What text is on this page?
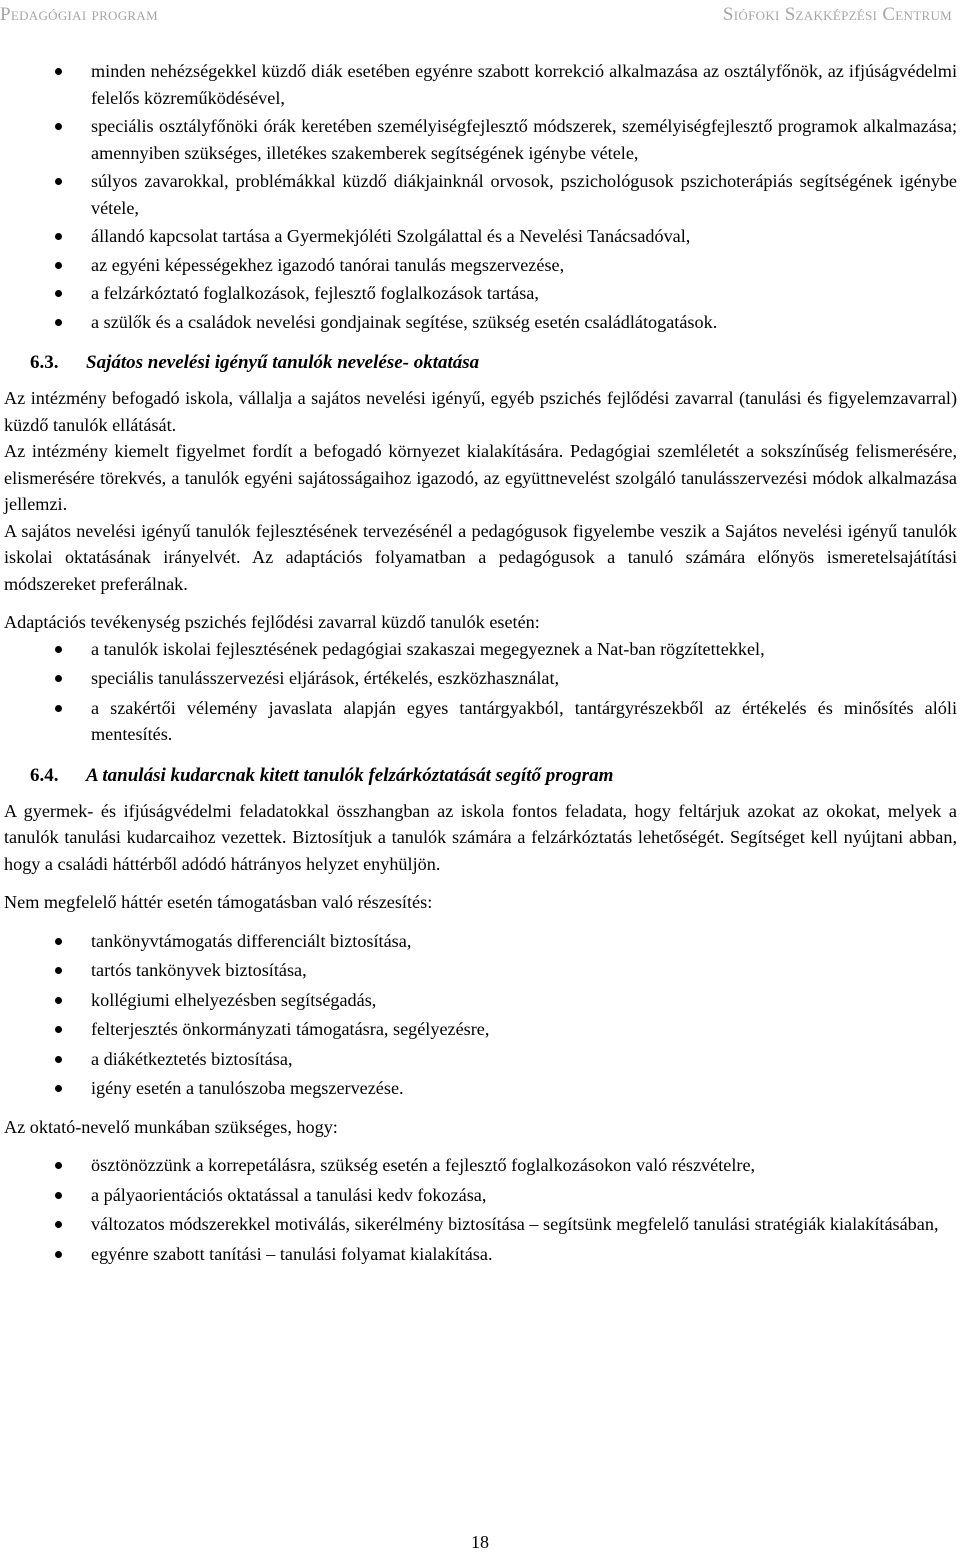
Pedagógiai program	Siófoki Szakképzési Centrum
minden nehézségekkel küzdő diák esetében egyénre szabott korrekció alkalmazása az osztályfőnök, az ifjúságvédelmi felelős közreműködésével,
speciális osztályfőnöki órák keretében személyiségfejlesztő módszerek, személyiségfejlesztő programok alkalmazása; amennyiben szükséges, illetékes szakemberek segítségének igénybe vétele,
súlyos zavarokkal, problémákkal küzdő diákjainknál orvosok, pszichológusok pszichoterápiás segítségének igénybe vétele,
állandó kapcsolat tartása a Gyermekjóléti Szolgálattal és a Nevelési Tanácsadóval,
az egyéni képességekhez igazodó tanórai tanulás megszervezése,
a felzárkóztató foglalkozások, fejlesztő foglalkozások tartása,
a szülők és a családok nevelési gondjainak segítése, szükség esetén családlátogatások.
6.3. Sajátos nevelési igényű tanulók nevelése- oktatása

Az intézmény befogadó iskola, vállalja a sajátos nevelési igényű, egyéb pszichés fejlődési zavarral (tanulási és figyelemzavarral) küzdő tanulók ellátását.

Az intézmény kiemelt figyelmet fordít a befogadó környezet kialakítására. Pedagógiai szemléletét a sokszínűség felismerésére, elismerésére törekvés, a tanulók egyéni sajátosságaihoz igazodó, az együttnevelést szolgáló tanulásszervezési módok alkalmazása jellemzi.

A sajátos nevelési igényű tanulók fejlesztésének tervezésénél a pedagógusok figyelembe veszik a Sajátos nevelési igényű tanulók iskolai oktatásának irányelvét. Az adaptációs folyamatban a pedagógusok a tanuló számára előnyös ismeretelsajátítási módszereket preferálnak.

Adaptációs tevékenység pszichés fejlődési zavarral küzdő tanulók esetén:

a tanulók iskolai fejlesztésének pedagógiai szakaszai megegyeznek a Nat-ban rögzítettekkel,
speciális tanulásszervezési eljárások, értékelés, eszközhasználat,
a szakértői vélemény javaslata alapján egyes tantárgyakból, tantárgyrészekből az értékelés és minősítés alóli mentesítés.
6.4. A tanulási kudarcnak kitett tanulók felzárkóztatását segítő program

A gyermek- és ifjúságvédelmi feladatokkal összhangban az iskola fontos feladata, hogy feltárjuk azokat az okokat, melyek a tanulók tanulási kudarcaihoz vezettek. Biztosítjuk a tanulók számára a felzárkóztatás lehetőségét. Segítséget kell nyújtani abban, hogy a családi háttérből adódó hátrányos helyzet enyhüljön.

Nem megfelelő háttér esetén támogatásban való részesítés:

tankönyvtámogatás differenciált biztosítása,
tartós tankönyvek biztosítása,
kollégiumi elhelyezésben segítségadás,
felterjesztés önkormányzati támogatásra, segélyezésre,
a diákétkeztetés biztosítása,
igény esetén a tanulószoba megszervezése.

Az oktató-nevelő munkában szükséges, hogy:

ösztönözzünk a korrepetálásra, szükség esetén a fejlesztő foglalkozásokon való részvételre,
a pályaorientációs oktatással a tanulási kedv fokozása,
változatos módszerekkel motiválás, sikerélmény biztosítása – segítsünk megfelelő tanulási stratégiák kialakításában,
egyénre szabott tanítási – tanulási folyamat kialakítása.
18
